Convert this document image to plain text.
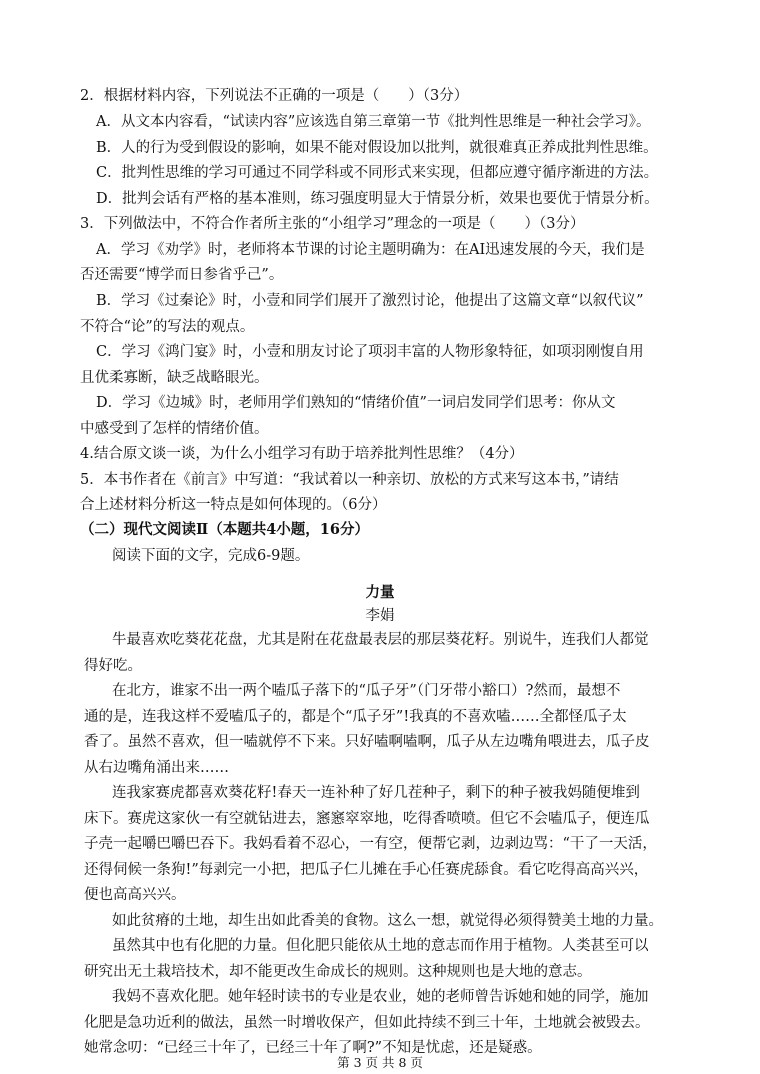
2．根据材料内容，下列说法不正确的一项是（　　）（3分）
A．从文本内容看，“试读内容”应该选自第三章第一节《批判性思维是一种社会学习》。
B．人的行为受到假设的影响，如果不能对假设加以批判，就很难真正养成批判性思维。
C．批判性思维的学习可通过不同学科或不同形式来实现，但都应遵守循序渐进的方法。
D．批判会话有严格的基本准则，练习强度明显大于情景分析，效果也要优于情景分析。
3．下列做法中，不符合作者所主张的“小组学习”理念的一项是（　　）（3分）
A．学习《劝学》时，老师将本节课的讨论主题明确为：在AI迅速发展的今天，我们是
否还需要“博学而日参省乎己”。
B．学习《过秦论》时，小壹和同学们展开了激烈讨论，他提出了这篇文章“以叙代议”
不符合“论”的写法的观点。
C．学习《鸿门宴》时，小壹和朋友讨论了项羽丰富的人物形象特征，如项羽刚愎自用
且优柔寡断，缺乏战略眼光。
D．学习《边城》时，老师用学们熟知的“情绪价值”一词启发同学们思考：你从文
中感受到了怎样的情绪价值。
4.结合原文谈一谈，为什么小组学习有助于培养批判性思维？（4分）
5．本书作者在《前言》中写道：“我试着以一种亲切、放松的方式来写这本书，”请结
合上述材料分析这一特点是如何体现的。（6分）
（二）现代文阅读Ⅱ（本题共4小题，16分）
阅读下面的文字，完成6-9题。
力量
李娟
牛最喜欢吃葵花花盘，尤其是附在花盘最表层的那层葵花籽。别说牛，连我们人都觉
得好吃。
在北方，谁家不出一两个嗑瓜子落下的“瓜子牙”（门牙带小豁口）?然而，最想不
通的是，连我这样不爱嗑瓜子的，都是个“瓜子牙”!我真的不喜欢嗑……全都怪瓜子太
香了。虽然不喜欢，但一嗑就停不下来。只好嗑啊嗑啊，瓜子从左边嘴角喂进去，瓜子皮
从右边嘴角涌出来……
连我家赛虎都喜欢葵花籽!春天一连补种了好几茬种子，剩下的种子被我妈随便堆到
床下。赛虎这家伙一有空就钻进去，窸窸窣窣地，吃得香喷喷。但它不会嗑瓜子，便连瓜
子壳一起嚼巴嚼巴吞下。我妈看着不忍心，一有空，便帮它剥，边剥边骂：“干了一天活，
还得伺候一条狗!”每剥完一小把，把瓜子仁儿摊在手心任赛虎舔食。看它吃得高高兴兴，
便也高高兴兴。
如此贫瘠的土地，却生出如此香美的食物。这么一想，就觉得必须得赞美土地的力量。
虽然其中也有化肥的力量。但化肥只能依从土地的意志而作用于植物。人类甚至可以
研究出无土栽培技术，却不能更改生命成长的规则。这种规则也是大地的意志。
我妈不喜欢化肥。她年轻时读书的专业是农业，她的老师曾告诉她和她的同学，施加
化肥是急功近利的做法，虽然一时增收保产，但如此持续不到三十年，土地就会被毁去。
她常念叨：“已经三十年了，已经三十年了啊?”不知是忧虑，还是疑惑。
第 3 页 共 8 页
